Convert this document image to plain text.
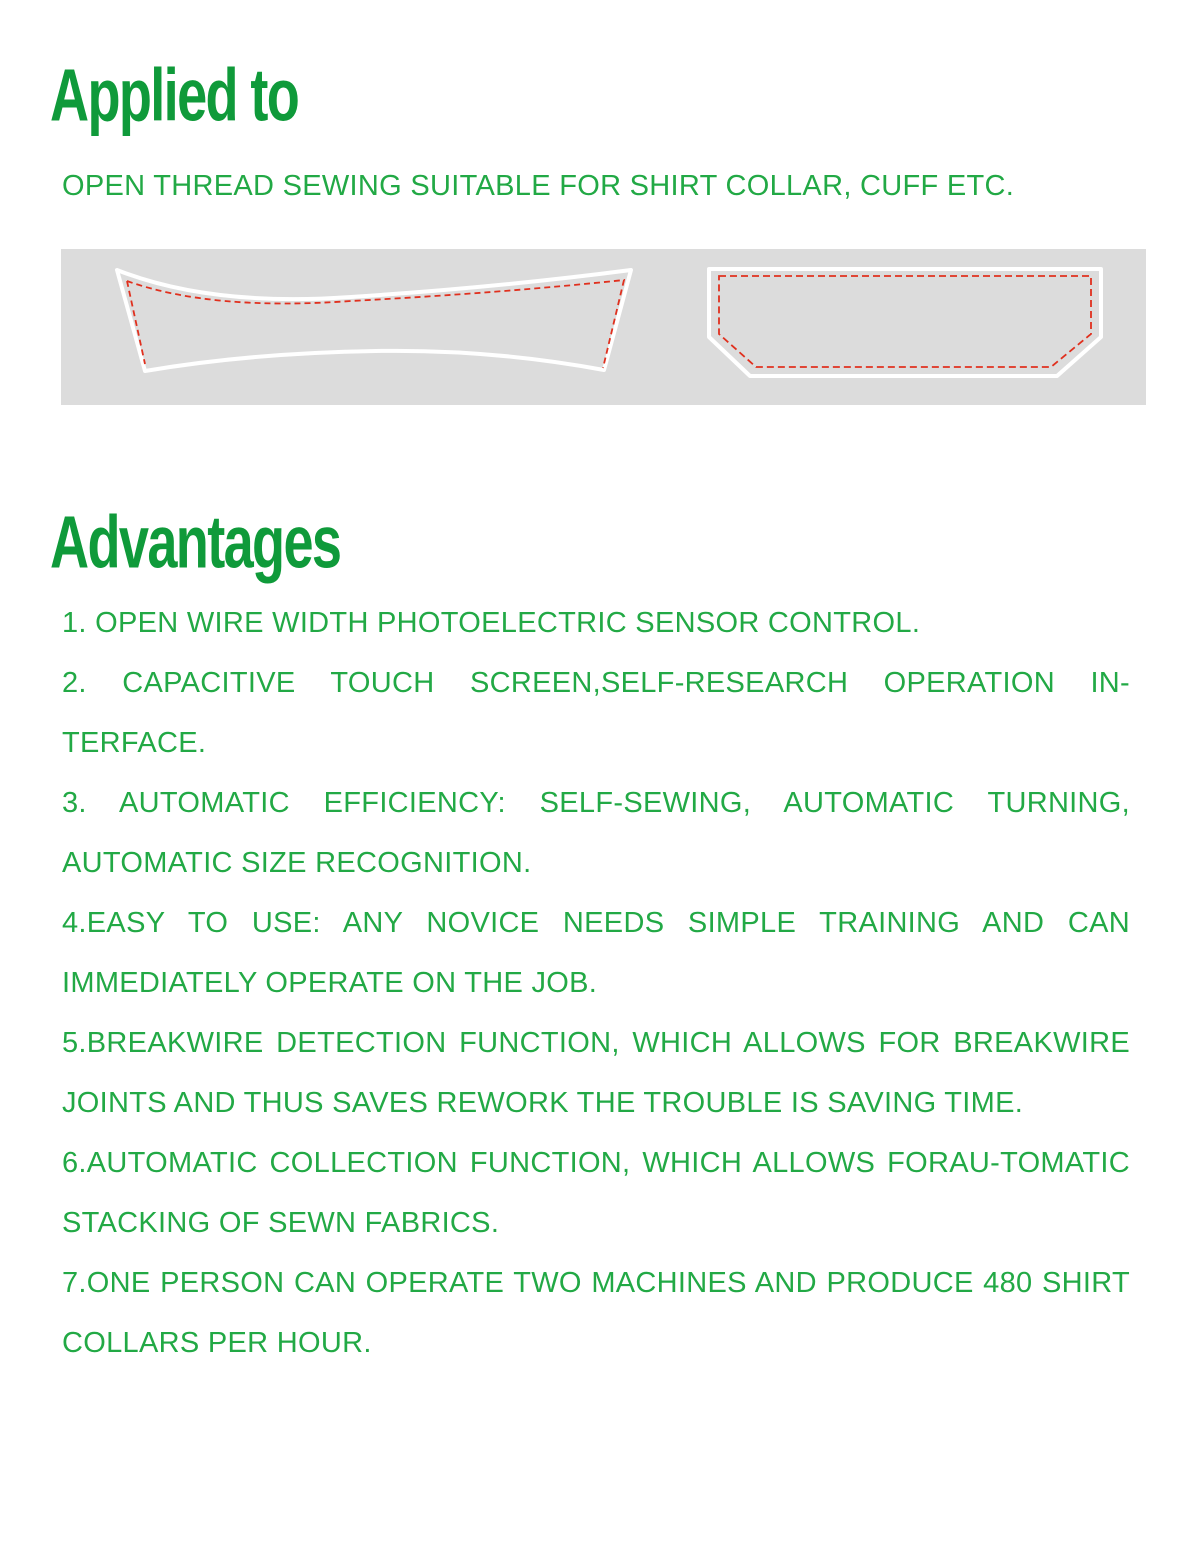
Applied to

OPEN THREAD SEWING SUITABLE FOR SHIRT COLLAR, CUFF ETC.

Advantages
1. OPEN WIRE WIDTH PHOTOELECTRIC SENSOR CONTROL.
2. CAPACITIVE TOUCH SCREEN,SELF-RESEARCH OPERATION IN-TERFACE.
3. AUTOMATIC EFFICIENCY: SELF-SEWING, AUTOMATIC TURNING, AUTOMATIC SIZE RECOGNITION.
4.EASY TO USE: ANY NOVICE NEEDS SIMPLE TRAINING AND CAN IMMEDIATELY OPERATE ON THE JOB.
5.BREAKWIRE DETECTION FUNCTION, WHICH ALLOWS FOR BREAKWIRE JOINTS AND THUS SAVES REWORK THE TROUBLE IS SAVING TIME.
6.AUTOMATIC COLLECTION FUNCTION, WHICH ALLOWS FORAU-TOMATIC STACKING OF SEWN FABRICS.
7.ONE PERSON CAN OPERATE TWO MACHINES AND PRODUCE 480 SHIRT COLLARS PER HOUR.
